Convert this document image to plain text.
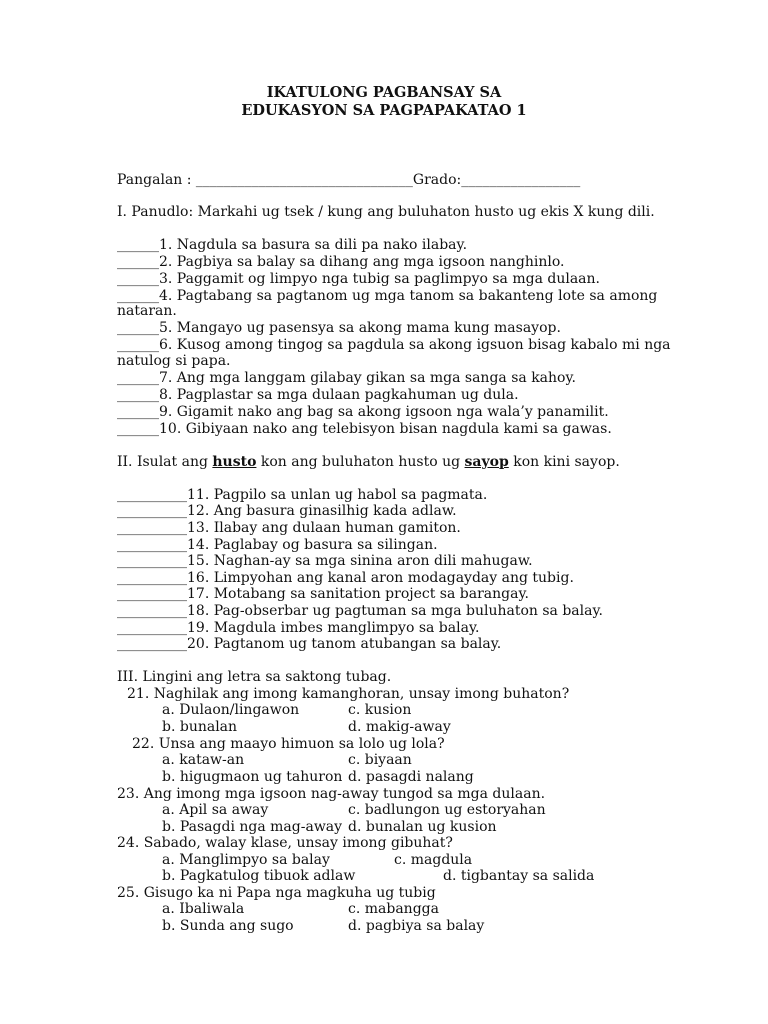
IKATULONG PAGBANSAY SA
EDUKASYON SA PAGPAPAKATAO 1
Pangalan : _______________________________Grado:_________________
I. Panudlo: Markahi ug tsek / kung ang buluhaton husto ug ekis X kung dili.
______1. Nagdula sa basura sa dili pa nako ilabay.
______2. Pagbiya sa balay sa dihang ang mga igsoon nanghinlo.
______3. Paggamit og limpyo nga tubig sa paglimpyo sa mga dulaan.
______4. Pagtabang sa pagtanom ug mga tanom sa bakanteng lote sa among
nataran.
______5. Mangayo ug pasensya sa akong mama kung masayop.
______6. Kusog among tingog sa pagdula sa akong igsuon bisag kabalo mi nga
natulog si papa.
______7. Ang mga langgam gilabay gikan sa mga sanga sa kahoy.
______8. Pagplastar sa mga dulaan pagkahuman ug dula.
______9. Gigamit nako ang bag sa akong igsoon nga wala’y panamilit.
______10. Gibiyaan nako ang telebisyon bisan nagdula kami sa gawas.
II. Isulat ang husto kon ang buluhaton husto ug sayop kon kini sayop.
__________11. Pagpilo sa unlan ug habol sa pagmata.
__________12. Ang basura ginasilhig kada adlaw.
__________13. Ilabay ang dulaan human gamiton.
__________14. Paglabay og basura sa silingan.
__________15. Naghan-ay sa mga sinina aron dili mahugaw.
__________16. Limpyohan ang kanal aron modagayday ang tubig.
__________17. Motabang sa sanitation project sa barangay.
__________18. Pag-obserbar ug pagtuman sa mga buluhaton sa balay.
__________19. Magdula imbes manglimpyo sa balay.
__________20. Pagtanom ug tanom atubangan sa balay.
III. Lingini ang letra sa saktong tubag.
21. Naghilak ang imong kamanghoran, unsay imong buhaton?
a. Dulaon/lingawon	c. kusion
b. bunalan	d. makig-away
22. Unsa ang maayo himuon sa lolo ug lola?
a. kataw-an	c. biyaan
b. higugmaon ug tahuron d. pasagdi nalang
23. Ang imong mga igsoon nag-away tungod sa mga dulaan.
a. Apil sa away	c. badlungon ug estoryahan
b. Pasagdi nga mag-away d. bunalan ug kusion
24. Sabado, walay klase, unsay imong gibuhat?
a. Manglimpyo sa balay	c. magdula
b. Pagkatulog tibuok adlaw	d. tigbantay sa salida
25. Gisugo ka ni Papa nga magkuha ug tubig
a. Ibaliwala	c. mabangga
b. Sunda ang sugo	d. pagbiya sa balay
